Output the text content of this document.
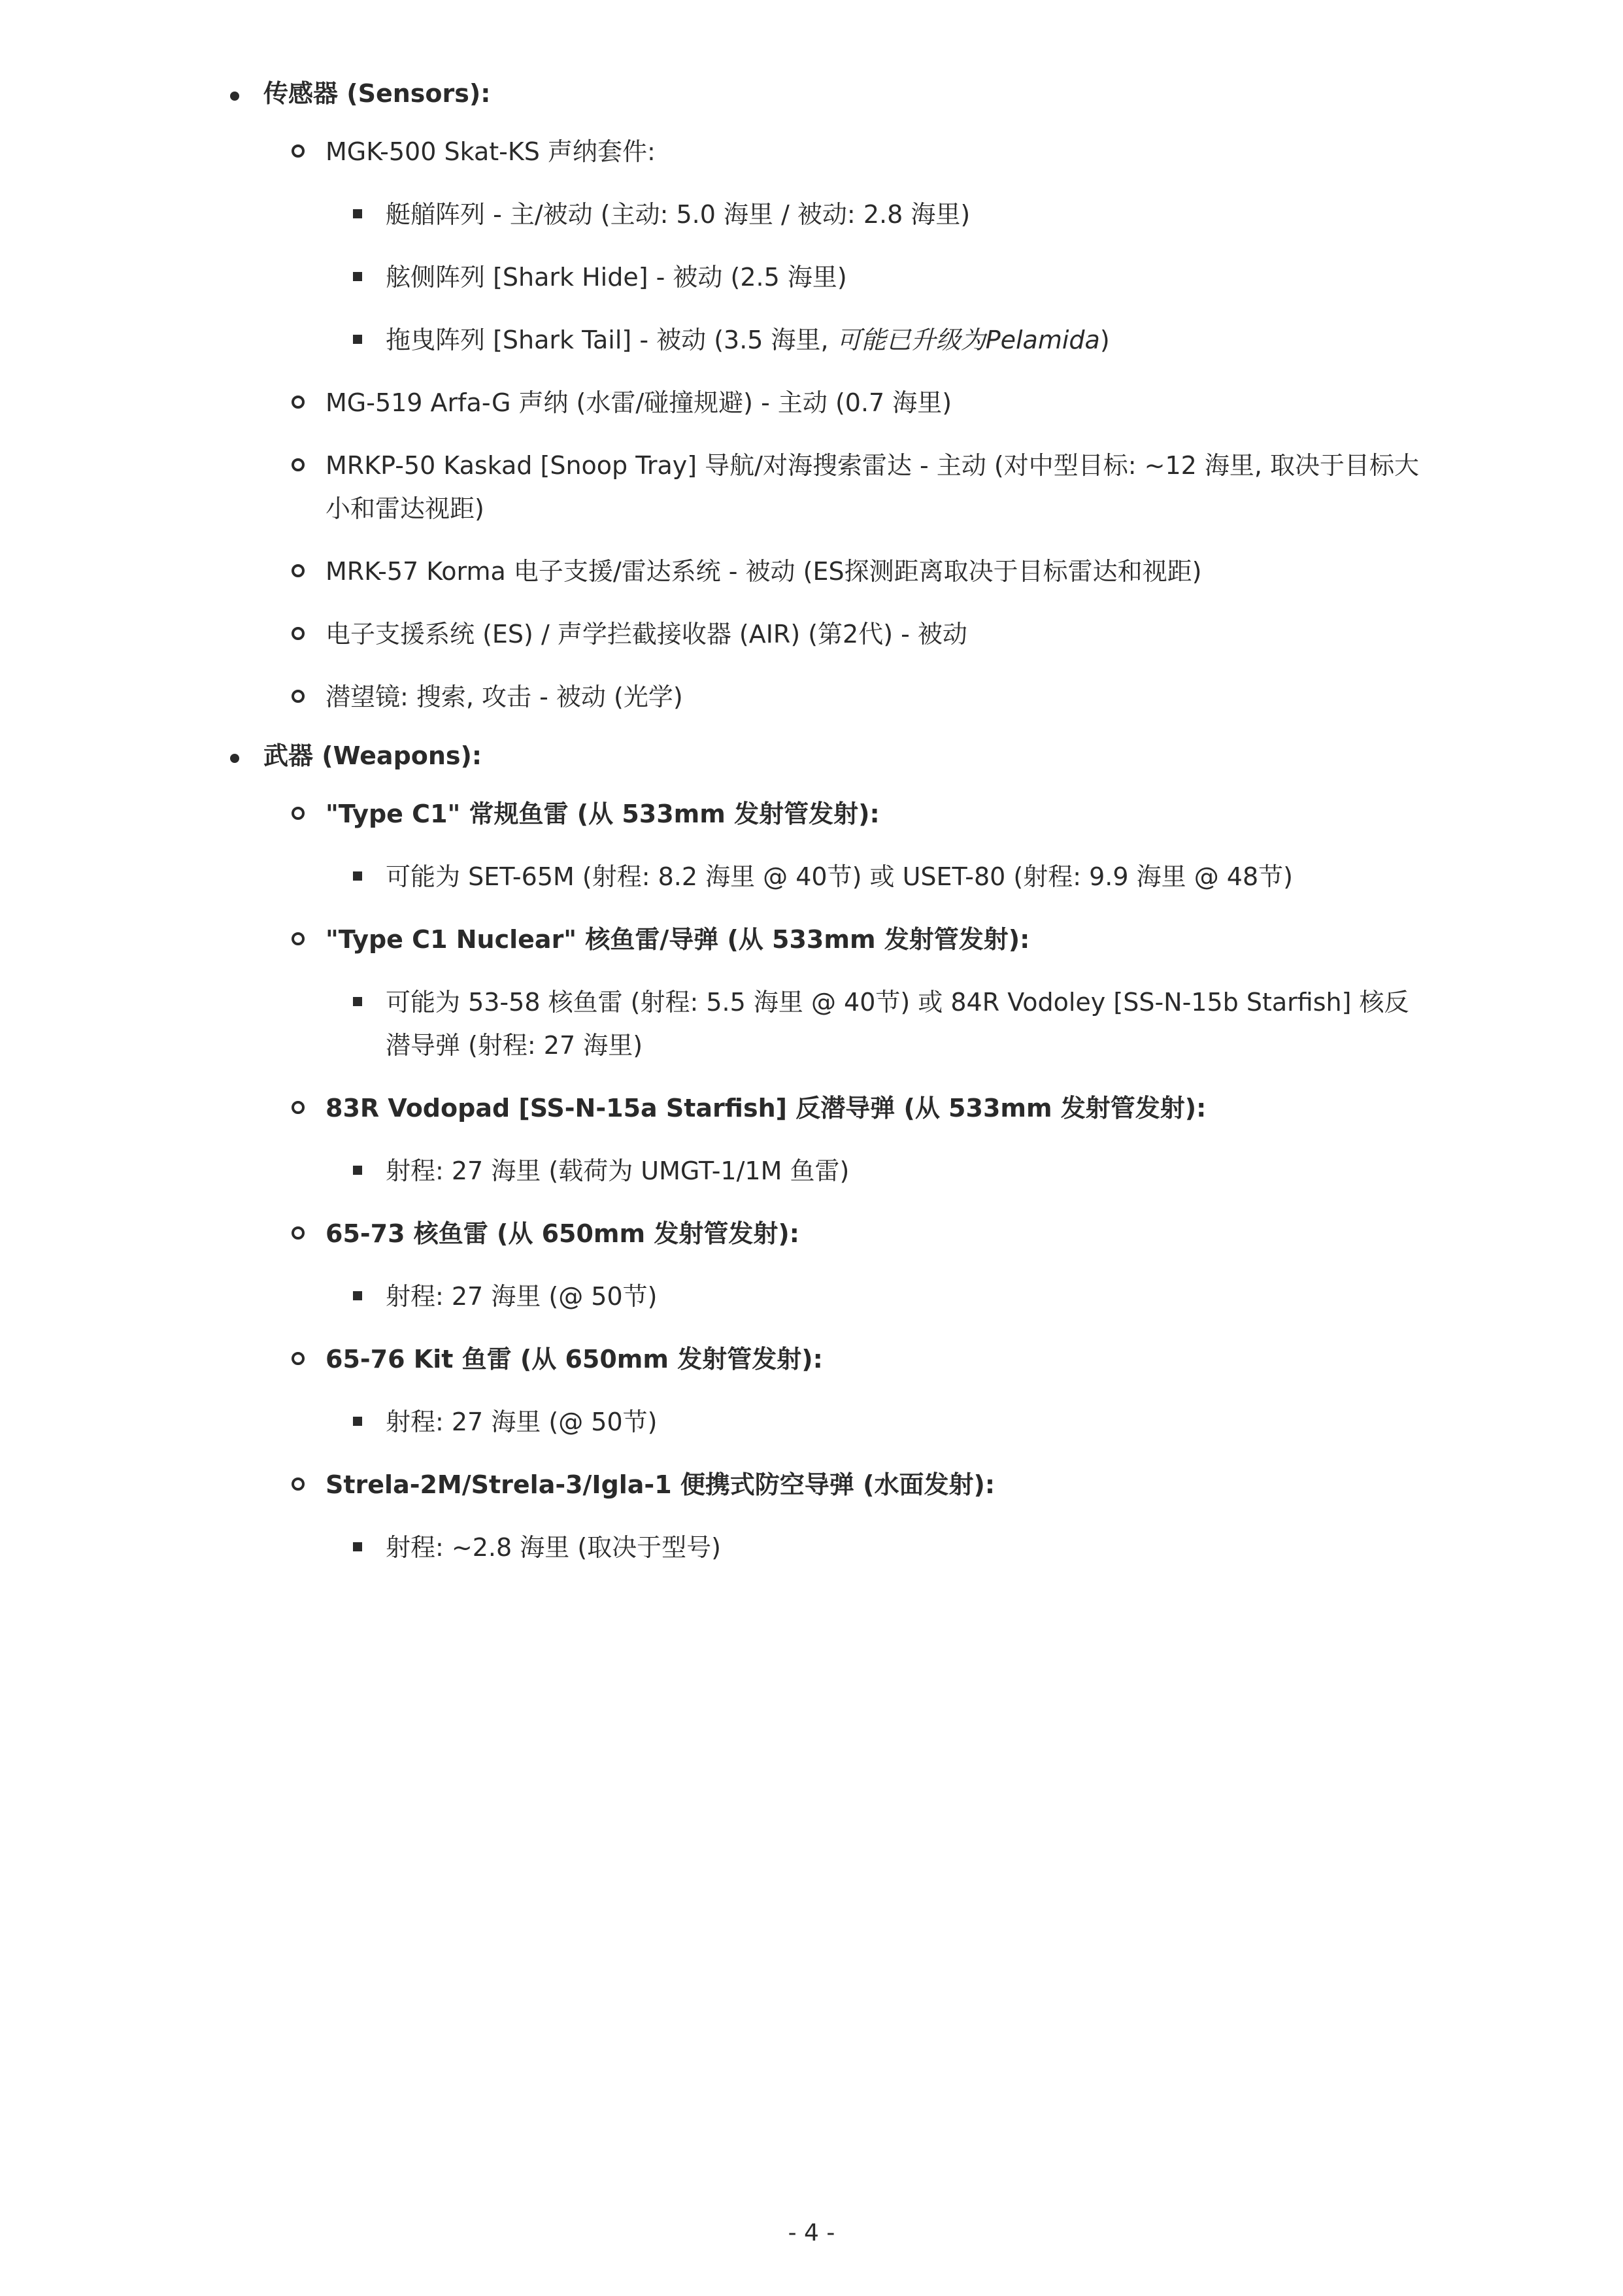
传感器 (Sensors):
MGK-500 Skat-KS 声纳套件:
艇艏阵列 - 主/被动 (主动: 5.0 海里 / 被动: 2.8 海里)
舷侧阵列 [Shark Hide] - 被动 (2.5 海里)
拖曳阵列 [Shark Tail] - 被动 (3.5 海里, 可能已升级为Pelamida)
MG-519 Arfa-G 声纳 (水雷/碰撞规避) - 主动 (0.7 海里)
MRKP-50 Kaskad [Snoop Tray] 导航/对海搜索雷达 - 主动 (对中型目标: ~12 海里, 取决于目标大小和雷达视距)
MRK-57 Korma 电子支援/雷达系统 - 被动 (ES探测距离取决于目标雷达和视距)
电子支援系统 (ES) / 声学拦截接收器 (AIR) (第2代) - 被动
潜望镜: 搜索, 攻击 - 被动 (光学)
武器 (Weapons):
"Type C1" 常规鱼雷 (从 533mm 发射管发射):
可能为 SET-65M (射程: 8.2 海里 @ 40节) 或 USET-80 (射程: 9.9 海里 @ 48节)
"Type C1 Nuclear" 核鱼雷/导弹 (从 533mm 发射管发射):
可能为 53-58 核鱼雷 (射程: 5.5 海里 @ 40节) 或 84R Vodoley [SS-N-15b Starfish] 核反潜导弹 (射程: 27 海里)
83R Vodopad [SS-N-15a Starfish] 反潜导弹 (从 533mm 发射管发射):
射程: 27 海里 (载荷为 UMGT-1/1M 鱼雷)
65-73 核鱼雷 (从 650mm 发射管发射):
射程: 27 海里 (@ 50节)
65-76 Kit 鱼雷 (从 650mm 发射管发射):
射程: 27 海里 (@ 50节)
Strela-2M/Strela-3/Igla-1 便携式防空导弹 (水面发射):
射程: ~2.8 海里 (取决于型号)
- 4 -
